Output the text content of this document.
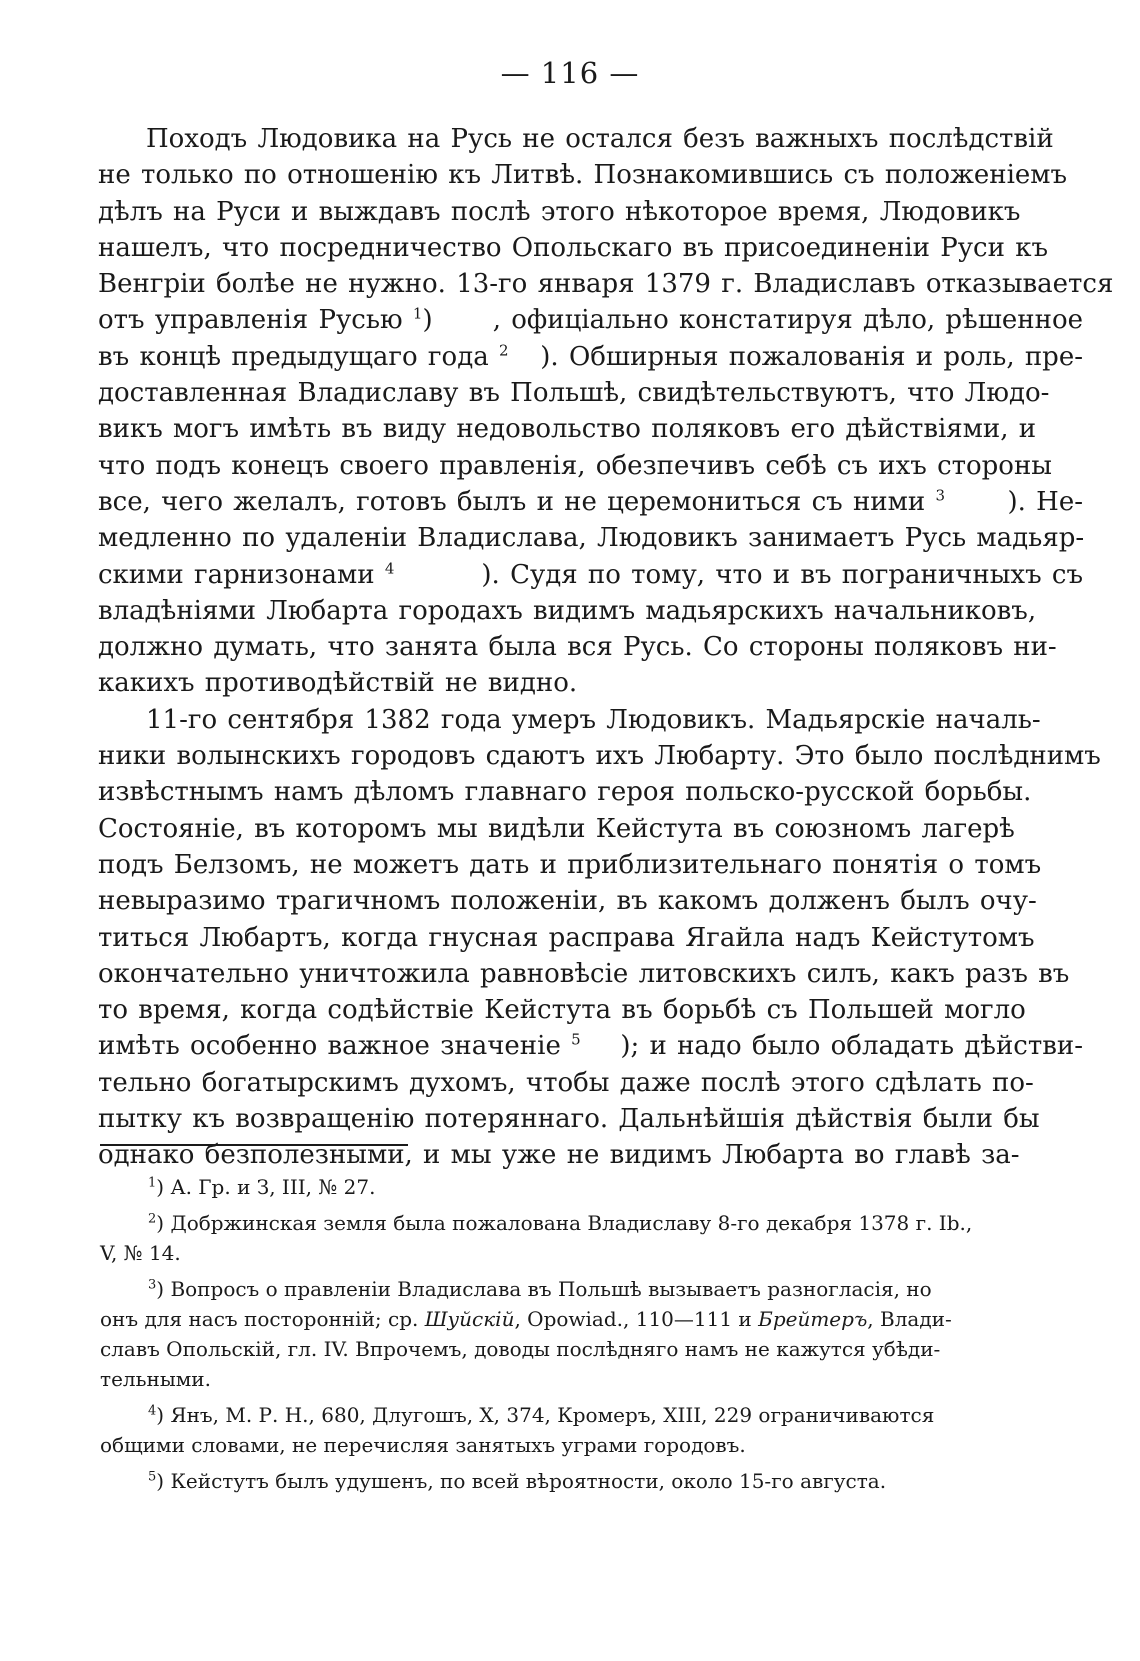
— 116 —
Походъ Людовика на Русь не остался безъ важныхъ послѣдствій
не только по отношенію къ Литвѣ. Познакомившись съ положеніемъ
дѣлъ на Руси и выждавъ послѣ этого нѣкоторое время, Людовикъ
нашелъ, что посредничество Опольскаго въ присоединеніи Руси къ
Венгріи болѣе не нужно. 13-го января 1379 г. Владиславъ отказывается
отъ управленія Русью $^1$) , офиціально констатируя дѣло, рѣшенное
въ концѣ предыдущаго года $^2$ ). Обширныя пожалованія и роль, пре-
доставленная Владиславу въ Польшѣ, свидѣтельствуютъ, что Людо-
викъ могъ имѣть въ виду недовольство поляковъ его дѣйствіями, и
что подъ конецъ своего правленія, обезпечивъ себѣ съ ихъ стороны
все, чего желалъ, готовъ былъ и не церемониться съ ними $^3$ ). Не-
медленно по удаленіи Владислава, Людовикъ занимаетъ Русь мадьяр-
скими гарнизонами $^4$	). Судя по тому, что и въ пограничныхъ съ
владѣніями Любарта городахъ видимъ мадьярскихъ начальниковъ,
должно думать, что занята была вся Русь. Со стороны поляковъ ни-
какихъ противодѣйствій не видно.
11-го сентября 1382 года умеръ Людовикъ. Мадьярскіе началь-
ники волынскихъ городовъ сдаютъ ихъ Любарту. Это было послѣднимъ
извѣстнымъ намъ дѣломъ главнаго героя польско-русской борьбы.
Состояніе, въ которомъ мы видѣли Кейстута въ союзномъ лагерѣ
подъ Белзомъ, не можетъ дать и приблизительнаго понятія о томъ
невыразимо трагичномъ положеніи, въ какомъ долженъ былъ очу-
титься Любартъ, когда гнусная расправа Ягайла надъ Кейстутомъ
окончательно уничтожила равновѣсіе литовскихъ силъ, какъ разъ въ
то время, когда содѣйствіе Кейстута въ борьбѣ съ Польшей могло
имѣть особенно важное значеніе $^5$ ); и надо было обладать дѣйстви-
тельно богатырскимъ духомъ, чтобы даже послѣ этого сдѣлать по-
пытку къ возвращенію потеряннаго. Дальнѣйшія дѣйствія были бы
однако безполезными, и мы уже не видимъ Любарта во главѣ за-
$^1$) А. Гр. и З, III, № 27.
$^2$) Добржинская земля была пожалована Владиславу 8-го декабря 1378 г. Ib.,
V, № 14.
$^3$) Вопросъ о правленіи Владислава въ Польшѣ вызываетъ разногласія, но
онъ для насъ посторонній; ср. Шуйскій, Opowiad., 110—111 и Брейтеръ, Влади-
славъ Опольскій, гл. IV. Впрочемъ, доводы послѣдняго намъ не кажутся убѣди-
тельными.
$^4$) Янъ, М. Р. Н., 680, Длугошъ, X, 374, Кромеръ, XIII, 229 ограничиваются
общими словами, не перечисляя занятыхъ уграми городовъ.
$^5$) Кейстутъ былъ удушенъ, по всей вѣроятности, около 15-го августа.
